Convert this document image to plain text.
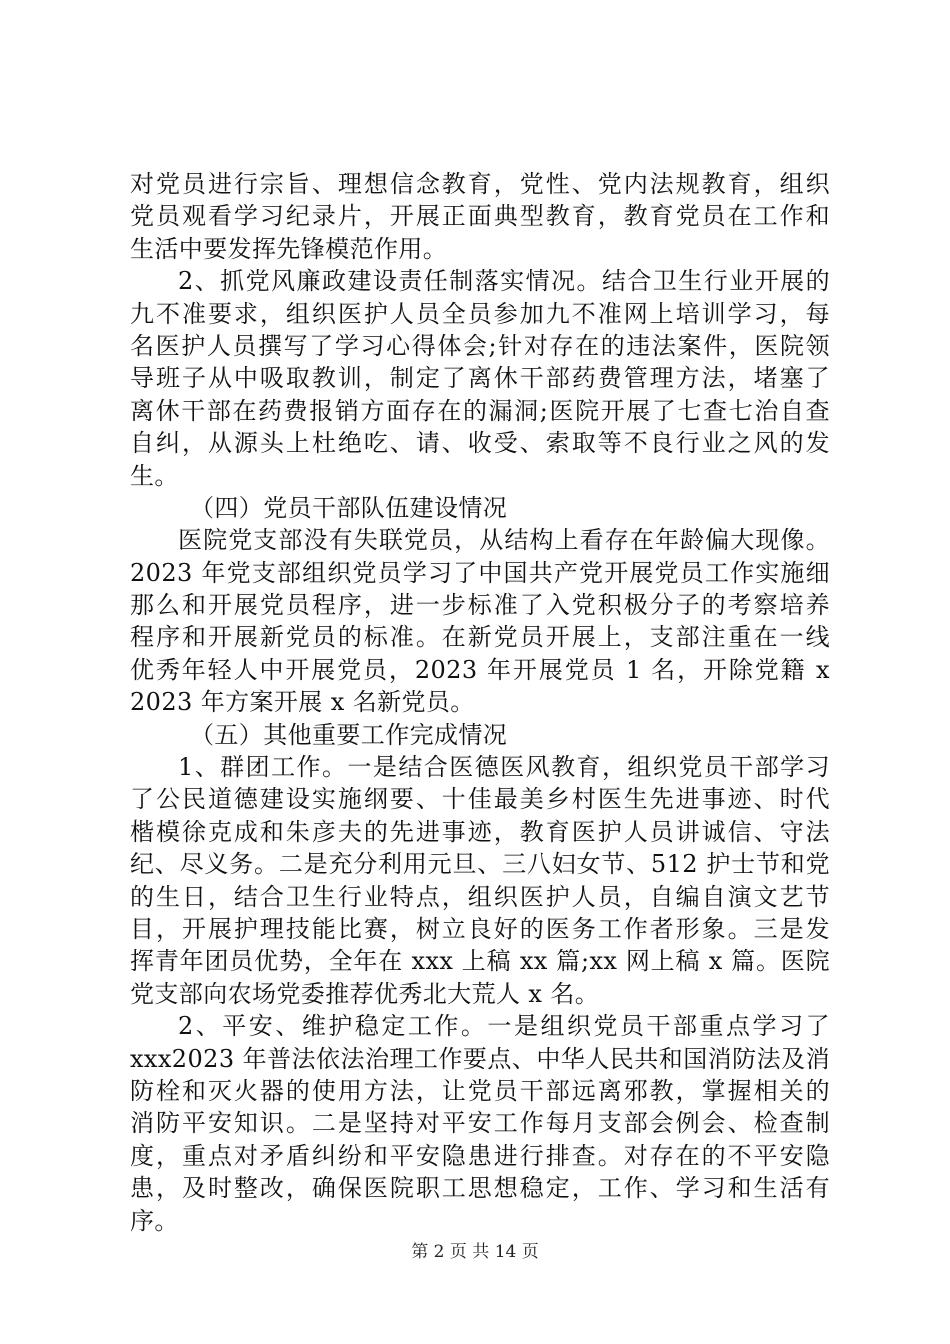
对党员进行宗旨、理想信念教育，党性、党内法规教育，组织
党员观看学习纪录片，开展正面典型教育，教育党员在工作和
生活中要发挥先锋模范作用。
2、抓党风廉政建设责任制落实情况。结合卫生行业开展的
九不准要求，组织医护人员全员参加九不准网上培训学习，每
名医护人员撰写了学习心得体会;针对存在的违法案件，医院领
导班子从中吸取教训，制定了离休干部药费管理方法，堵塞了
离休干部在药费报销方面存在的漏洞;医院开展了七查七治自查
自纠，从源头上杜绝吃、请、收受、索取等不良行业之风的发
生。
（四）党员干部队伍建设情况
医院党支部没有失联党员，从结构上看存在年龄偏大现像。
2023 年党支部组织党员学习了中国共产党开展党员工作实施细
那么和开展党员程序，进一步标准了入党积极分子的考察培养
程序和开展新党员的标准。在新党员开展上，支部注重在一线
优秀年轻人中开展党员，2023 年开展党员 1 名，开除党籍 x
2023 年方案开展 x 名新党员。
（五）其他重要工作完成情况
1、群团工作。一是结合医德医风教育，组织党员干部学习
了公民道德建设实施纲要、十佳最美乡村医生先进事迹、时代
楷模徐克成和朱彦夫的先进事迹，教育医护人员讲诚信、守法
纪、尽义务。二是充分利用元旦、三八妇女节、512 护士节和党
的生日，结合卫生行业特点，组织医护人员，自编自演文艺节
目，开展护理技能比赛，树立良好的医务工作者形象。三是发
挥青年团员优势，全年在 xxx 上稿 xx 篇;xx 网上稿 x 篇。医院
党支部向农场党委推荐优秀北大荒人 x 名。
2、平安、维护稳定工作。一是组织党员干部重点学习了
xxx2023 年普法依法治理工作要点、中华人民共和国消防法及消
防栓和灭火器的使用方法，让党员干部远离邪教，掌握相关的
消防平安知识。二是坚持对平安工作每月支部会例会、检查制
度，重点对矛盾纠纷和平安隐患进行排查。对存在的不平安隐
患，及时整改，确保医院职工思想稳定，工作、学习和生活有
序。
第 2 页 共 14 页
